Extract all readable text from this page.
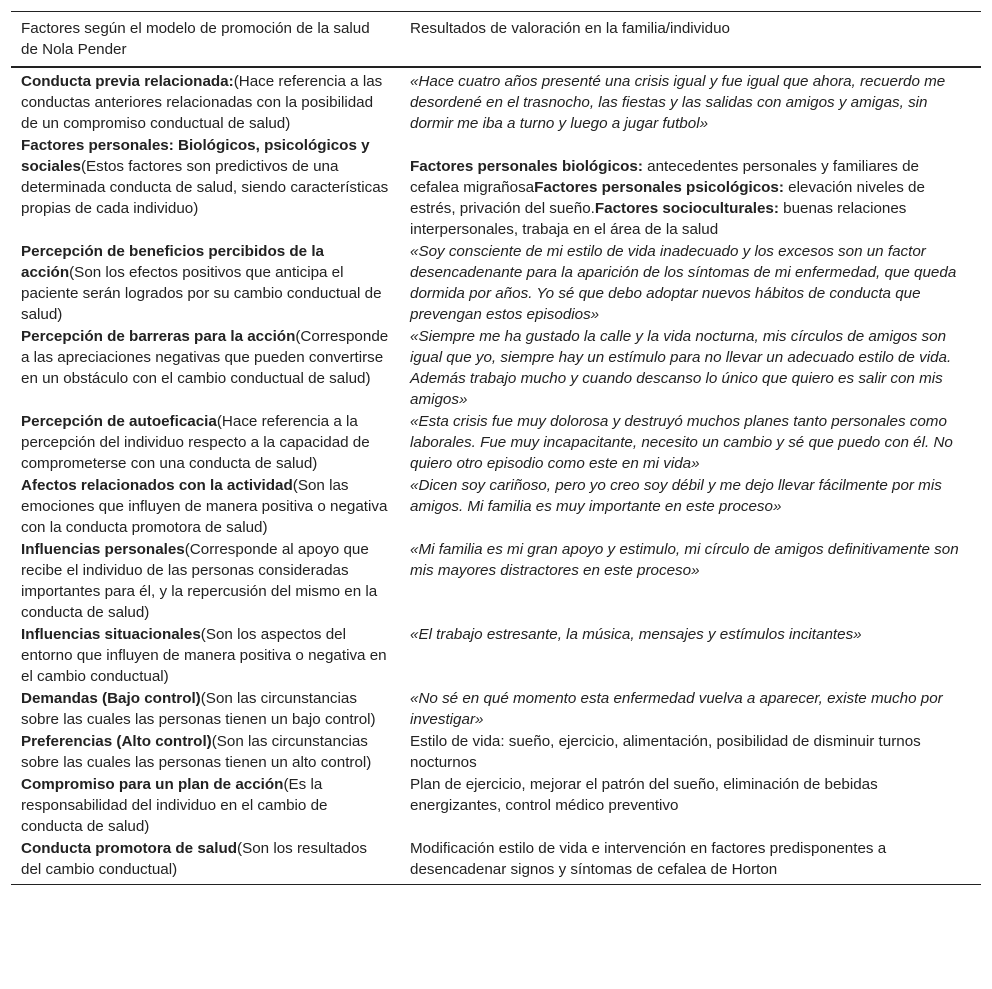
Factores según el modelo de promoción de la salud de Nola Pender	Resultados de valoración en la familia/individuo
Conducta previa relacionada:(Hace referencia a las conductas anteriores relacionadas con la posibilidad de un compromiso conductual de salud)	«Hace cuatro años presenté una crisis igual y fue igual que ahora, recuerdo me desordené en el trasnocho, las fiestas y las salidas con amigos y amigas, sin dormir me iba a turno y luego a jugar futbol»
Factores personales: Biológicos, psicológicos y sociales(Estos factores son predictivos de una determinada conducta de salud, siendo características propias de cada individuo)	Factores personales biológicos: antecedentes personales y familiares de cefalea migrañosaFactores personales psicológicos: elevación niveles de estrés, privación del sueño.Factores socioculturales: buenas relaciones interpersonales, trabaja en el área de la salud
Percepción de beneficios percibidos de la acción(Son los efectos positivos que anticipa el paciente serán logrados por su cambio conductual de salud)	«Soy consciente de mi estilo de vida inadecuado y los excesos son un factor desencadenante para la aparición de los síntomas de mi enfermedad, que queda dormida por años. Yo sé que debo adoptar nuevos hábitos de conducta que prevengan estos episodios»
Percepción de barreras para la acción(Corresponde a las apreciaciones negativas que pueden convertirse en un obstáculo con el cambio conductual de salud)	«Siempre me ha gustado la calle y la vida nocturna, mis círculos de amigos son igual que yo, siempre hay un estímulo para no llevar un adecuado estilo de vida. Además trabajo mucho y cuando descanso lo único que quiero es salir con mis amigos»
Percepción de autoeficacia(Hace referencia a la percepción del individuo respecto a la capacidad de comprometerse con una conducta de salud)	«Esta crisis fue muy dolorosa y destruyó muchos planes tanto personales como laborales. Fue muy incapacitante, necesito un cambio y sé que puedo con él. No quiero otro episodio como este en mi vida»
Afectos relacionados con la actividad(Son las emociones que influyen de manera positiva o negativa con la conducta promotora de salud)	«Dicen soy cariñoso, pero yo creo soy débil y me dejo llevar fácilmente por mis amigos. Mi familia es muy importante en este proceso»
Influencias personales(Corresponde al apoyo que recibe el individuo de las personas consideradas importantes para él, y la repercusión del mismo en la conducta de salud)	«Mi familia es mi gran apoyo y estimulo, mi círculo de amigos definitivamente son mis mayores distractores en este proceso»
Influencias situacionales(Son los aspectos del entorno que influyen de manera positiva o negativa en el cambio conductual)	«El trabajo estresante, la música, mensajes y estímulos incitantes»
Demandas (Bajo control)(Son las circunstancias sobre las cuales las personas tienen un bajo control)	«No sé en qué momento esta enfermedad vuelva a aparecer, existe mucho por investigar»
Preferencias (Alto control)(Son las circunstancias sobre las cuales las personas tienen un alto control)	Estilo de vida: sueño, ejercicio, alimentación, posibilidad de disminuir turnos nocturnos
Compromiso para un plan de acción(Es la responsabilidad del individuo en el cambio de conducta de salud)	Plan de ejercicio, mejorar el patrón del sueño, eliminación de bebidas energizantes, control médico preventivo
Conducta promotora de salud(Son los resultados del cambio conductual)	Modificación estilo de vida e intervención en factores predisponentes a desencadenar signos y síntomas de cefalea de Horton
